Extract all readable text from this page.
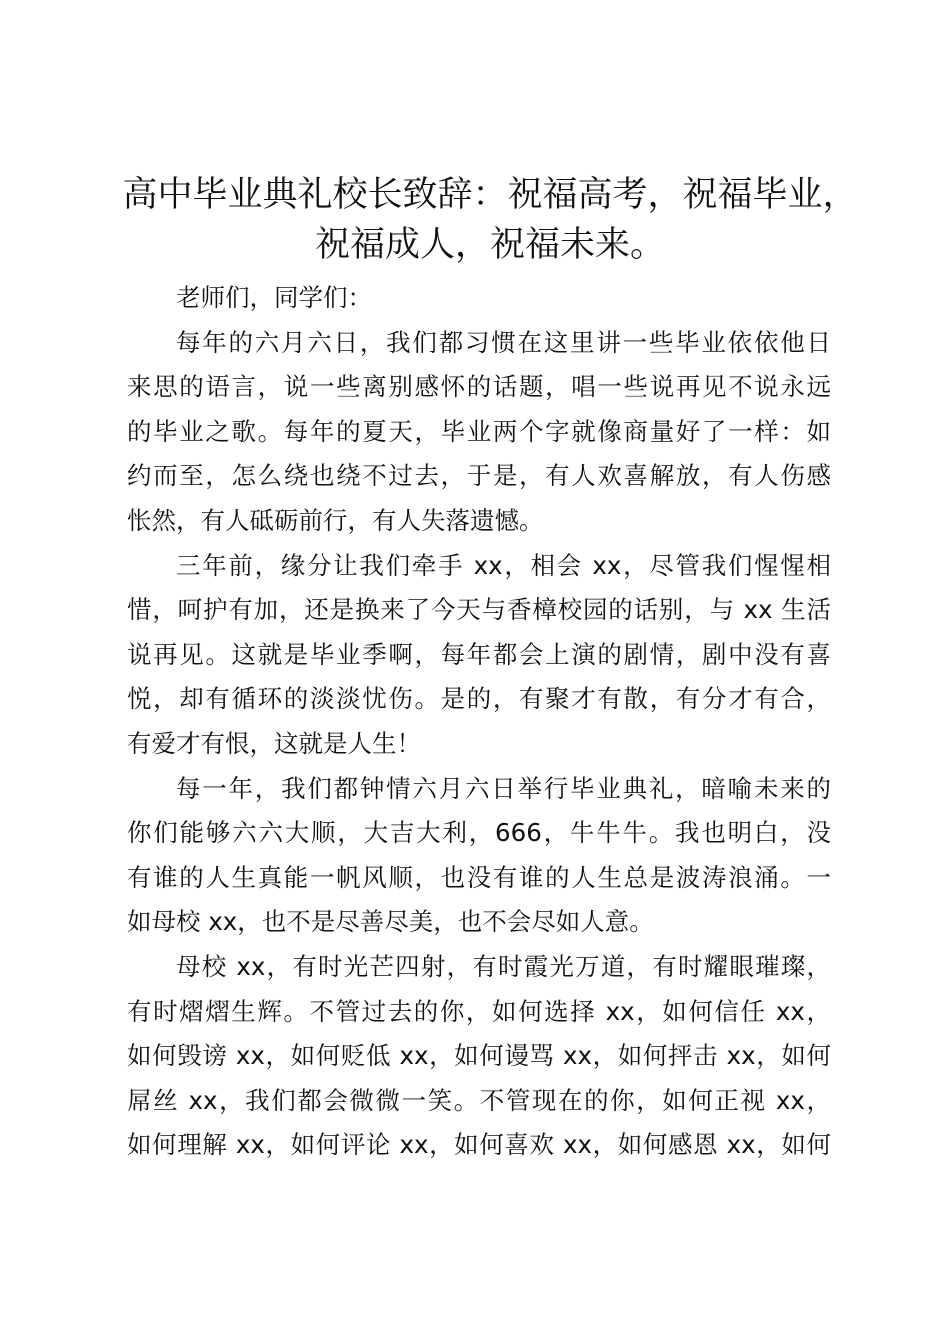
高中毕业典礼校长致辞：祝福高考，祝福毕业，
祝福成人，祝福未来。

老师们，同学们：

每年的六月六日，我们都习惯在这里讲一些毕业依依他日
来思的语言，说一些离别感怀的话题，唱一些说再见不说永远
的毕业之歌。每年的夏天，毕业两个字就像商量好了一样：如
约而至，怎么绕也绕不过去，于是，有人欢喜解放，有人伤感
怅然，有人砥砺前行，有人失落遗憾。

三年前，缘分让我们牵手 xx，相会 xx，尽管我们惺惺相
惜，呵护有加，还是换来了今天与香樟校园的话别，与 xx 生活
说再见。这就是毕业季啊，每年都会上演的剧情，剧中没有喜
悦，却有循环的淡淡忧伤。是的，有聚才有散，有分才有合，
有爱才有恨，这就是人生！

每一年，我们都钟情六月六日举行毕业典礼，暗喻未来的
你们能够六六大顺，大吉大利，666，牛牛牛。我也明白，没
有谁的人生真能一帆风顺，也没有谁的人生总是波涛浪涌。一
如母校 xx，也不是尽善尽美，也不会尽如人意。

母校 xx，有时光芒四射，有时霞光万道，有时耀眼璀璨，
有时熠熠生辉。不管过去的你，如何选择 xx，如何信任 xx，
如何毁谤 xx，如何贬低 xx，如何谩骂 xx，如何抨击 xx，如何
屌丝 xx，我们都会微微一笑。不管现在的你，如何正视 xx，
如何理解 xx，如何评论 xx，如何喜欢 xx，如何感恩 xx，如何
